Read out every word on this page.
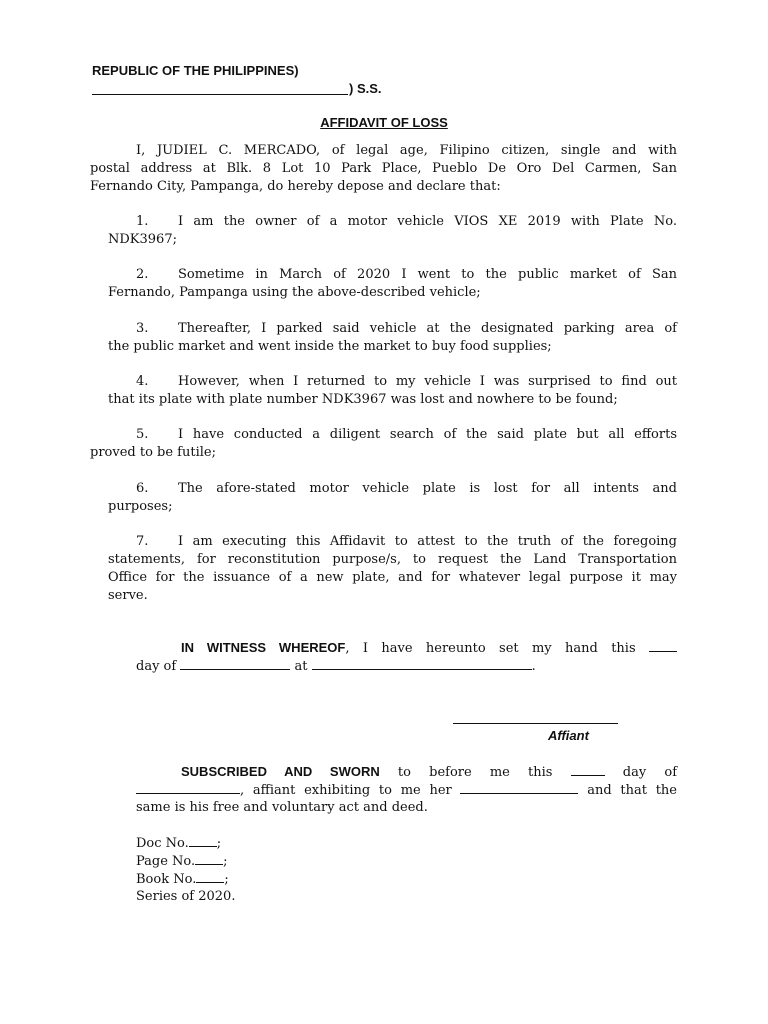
REPUBLIC OF THE PHILIPPINES)
) S.S.
AFFIDAVIT OF LOSS
I, JUDIEL C. MERCADO, of legal age, Filipino citizen, single and with
postal address at Blk. 8 Lot 10 Park Place, Pueblo De Oro Del Carmen, San
Fernando City, Pampanga, do hereby depose and declare that:
1. I am the owner of a motor vehicle VIOS XE 2019 with Plate No.
NDK3967;
2. Sometime in March of 2020 I went to the public market of San
Fernando, Pampanga using the above-described vehicle;
3. Thereafter, I parked said vehicle at the designated parking area of
the public market and went inside the market to buy food supplies;
4. However, when I returned to my vehicle I was surprised to find out
that its plate with plate number NDK3967 was lost and nowhere to be found;
5. I have conducted a diligent search of the said plate but all efforts
proved to be futile;
6. The afore-stated motor vehicle plate is lost for all intents and
purposes;
7. I am executing this Affidavit to attest to the truth of the foregoing
statements, for reconstitution purpose/s, to request the Land Transportation
Office for the issuance of a new plate, and for whatever legal purpose it may
serve.
IN WITNESS WHEREOF, I have hereunto set my hand this
day of	at	.
Affiant
SUBSCRIBED AND SWORN to before me this	day of
, affiant exhibiting to me her	and that the
same is his free and voluntary act and deed.
Doc No. ;
Page No. ;
Book No. ;
Series of 2020.
